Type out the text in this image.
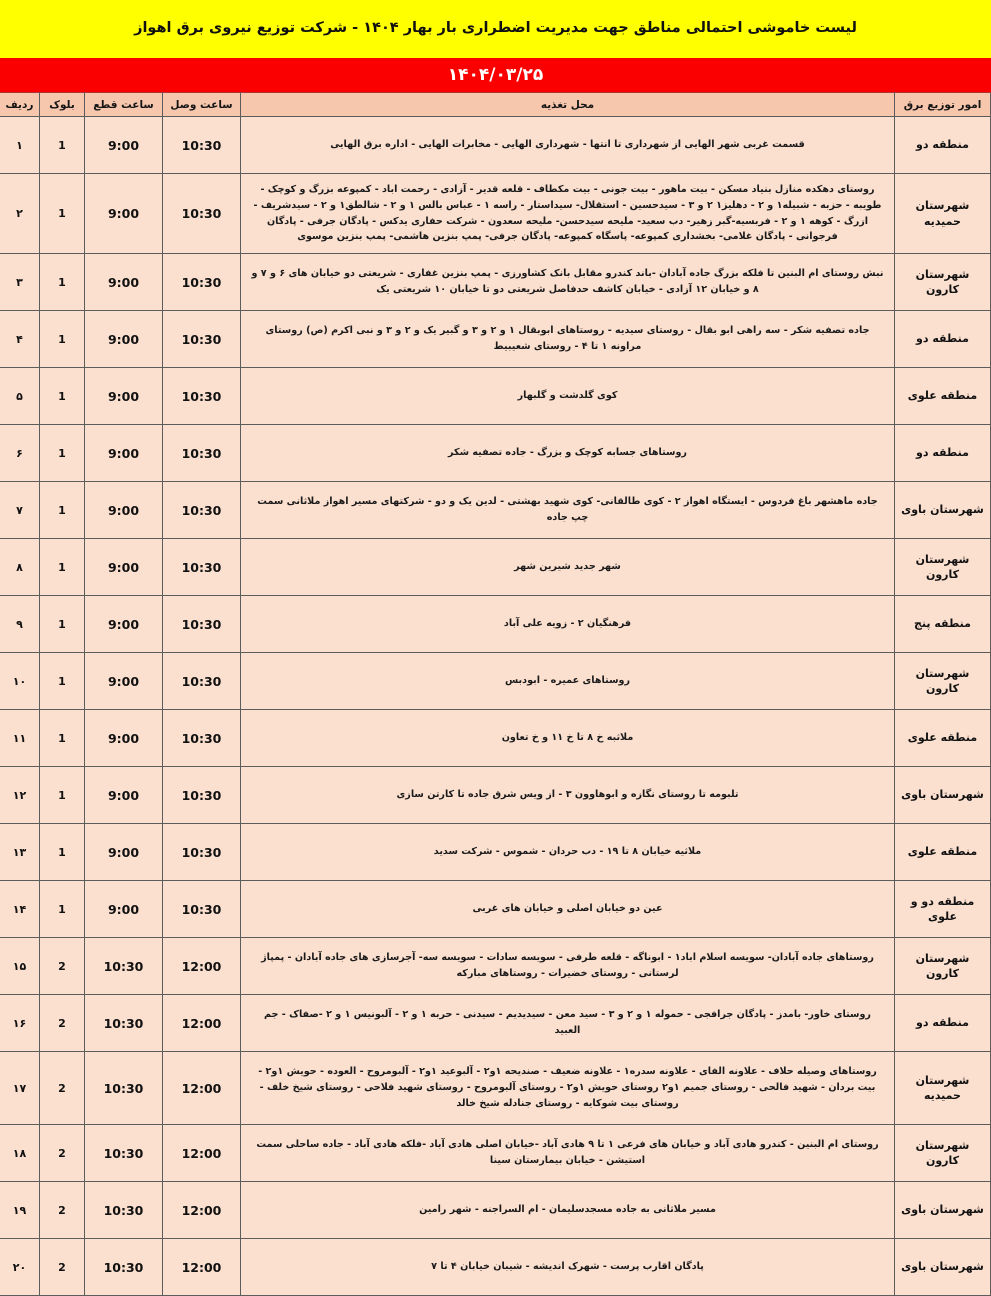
لیست خاموشی احتمالی مناطق جهت مدیریت اضطراری بار بهار ۱۴۰۴ - شرکت توزیع نیروی برق اهواز
۱۴۰۴/۰۳/۲۵
امور توزیع برق	محل تغذیه	ساعت وصل	ساعت قطع	بلوک	ردیف
منطقه دو	قسمت غربی شهر الهایی از شهرداری تا انتها - شهرداری الهایی - مخابرات الهایی - اداره برق الهایی	10:30	9:00	1	۱
شهرستان حمیدیه	روستای دهکده منازل بنیاد مسکن - بیت ماهور - بیت جونی - بیت مکطاف - قلعه قدیر - آزادی - رحمت اباد - کمپوعه بزرگ و کوچک - طویبه - حزبه - شبیله۱ و ۲ - دهلیز۱ ۲ و ۳ - سیدحسین - استقلال- سیداستار - راسه ۱ - عباس بالس ۱ و ۲ - شالطق۱ و ۲ - سیدشریف - ازرگ - کوهه ۱ و ۲ - فربسیه-گبر زهیر- دب سعید- ملیحه سیدحسن- ملیحه سعدون - شرکت حفاری یدکس - پادگان جرفی - پادگان فرجوانی - پادگان غلامی- بخشداری کمپوعه- پاسگاه کمپوعه- پادگان جرفی- پمپ بنزین هاشمی- پمپ بنزین موسوی	10:30	9:00	1	۲
شهرستان کارون	نبش روستای ام البنین تا فلکه بزرگ جاده آبادان -باند کندرو مقابل بانک کشاورزی - پمپ بنزین غفاری - شریعتی دو خیابان های ۶ و ۷ و ۸ و خیابان ۱۲ آزادی - خیابان کاشف حدفاصل شریعتی دو تا خیابان ۱۰ شریعتی یک	10:30	9:00	1	۳
منطقه دو	جاده تصفیه شکر - سه راهی ابو بقال - روستای سیدیه - روستاهای ابوبقال ۱ و ۲ و ۳ و گبیر یک و ۲ و ۳ و نبی اکرم (ص) روستای مراونه ۱ تا ۴ - روستای شعیبیط	10:30	9:00	1	۴
منطقه علوی	کوی گلدشت و گلبهار	10:30	9:00	1	۵
منطقه دو	روستاهای جسابه کوچک و بزرگ - جاده تصفیه شکر	10:30	9:00	1	۶
شهرستان باوی	جاده ماهشهر باغ فردوس - ایستگاه اهواز ۲ - کوی طالقانی- کوی شهید بهشتی - لدین یک و دو - شرکتهای مسیر اهواز ملاثانی سمت چپ جاده	10:30	9:00	1	۷
شهرستان کارون	شهر جدید شیرین شهر	10:30	9:00	1	۸
منطقه پنج	فرهنگیان ۲ - زویه علی آباد	10:30	9:00	1	۹
شهرستان کارون	روستاهای عمیره - ابودبس	10:30	9:00	1	۱۰
منطقه علوی	ملاثبه خ ۸ تا خ ۱۱ و خ تعاون	10:30	9:00	1	۱۱
شهرستان باوی	تلبومه تا روستای نگازه و ابوهاوون ۳ - از ویس شرق جاده تا کارتن سازی	10:30	9:00	1	۱۲
منطقه علوی	ملاثیه خیابان ۸ تا ۱۹ - دب حردان - شموس - شرکت سدید	10:30	9:00	1	۱۳
منطقه دو و علوی	عین دو خیابان اصلی و خیابان های غربی	10:30	9:00	1	۱۴
شهرستان کارون	روستاهای جاده آبادان- سویسه اسلام اباد۱ - ابوناگه - قلعه طرفی - سویسه سادات - سویسه سه- آجرسازی های جاده آبادان - پمپاژ لرستانی - روستای خضیرات - روستاهای مبارکه	12:00	10:30	2	۱۵
منطقه دو	روستای خاور- بامدز - پادگان جرافجی - حموله ۱ و ۲ و ۳ - سید معن - سیدیدیم - سیدنی - حربه ۱ و ۲ - آلبونیس ۱ و ۲ -صفاک - جم العبید	12:00	10:30	2	۱۶
شهرستان حمیدیه	روستاهای وصیله حلاف - علاونه الفای - علاونه سدره۱ - علاونه ضعیف - صندیحه ۱و۲ - آلبوعید ۱و۲ - آلبومروح - العوده - حویش ۱و۲ - بیت بردان - شهید فالحی - روستای جمیم ۱و۲ روستای حویش ۱و۲ - روستای آلبومروح - روستای شهید فلاحی - روستای شیخ خلف - روستای بیت شوکایه - روستای جنادله شیخ خالد	12:00	10:30	2	۱۷
شهرستان کارون	روستای ام البنین - کندرو هادی آباد و خیابان های فرعی ۱ تا ۹ هادی آباد -خیابان اصلی هادی آباد -فلکه هادی آباد - جاده ساحلی سمت استیشن - خیابان بیمارستان سینا	12:00	10:30	2	۱۸
شهرستان باوی	مسیر ملاثانی به جاده مسجدسلیمان - ام السراجنه - شهر رامین	12:00	10:30	2	۱۹
شهرستان باوی	پادگان اقارب پرست - شهرک اندیشه - شیبان خیابان ۴ تا ۷	12:00	10:30	2	۲۰
